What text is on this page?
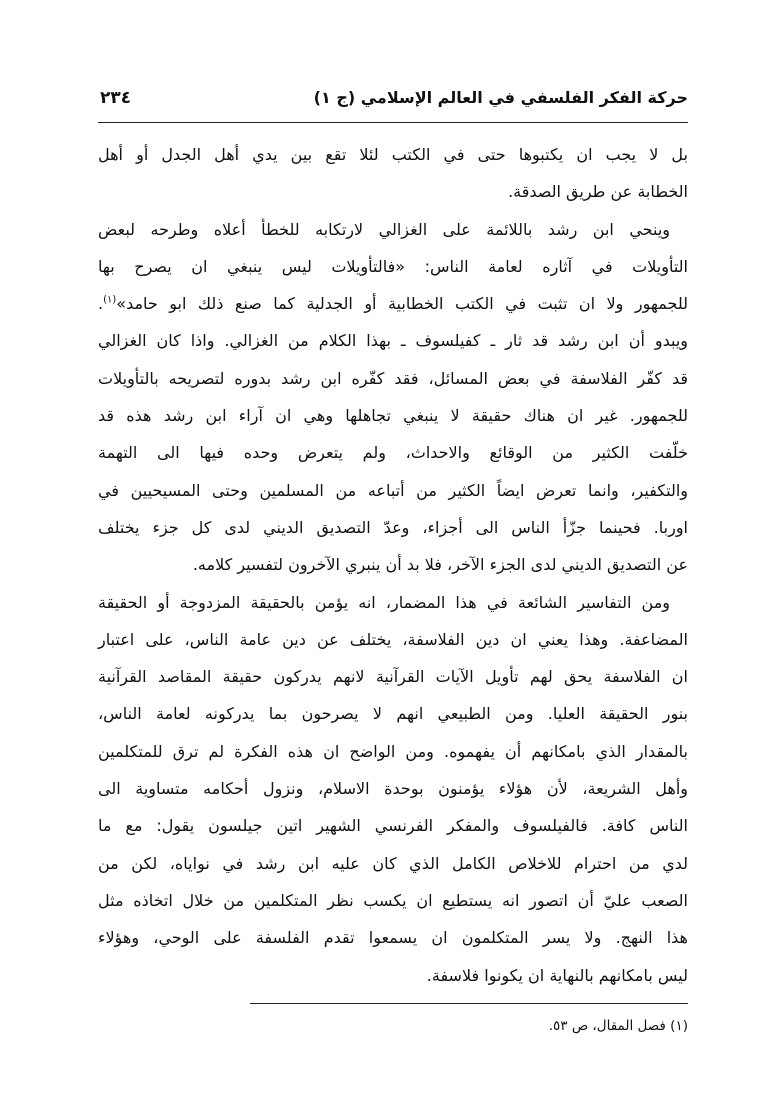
٢٣٤	حركة الفكر الفلسفي في العالم الإسلامي (ج ١)
بل لا يجب ان يكتبوها حتى في الكتب لئلا تقع بين يدي أهل الجدل أو أهل
الخطابة عن طريق الصدقة.
وينحي ابن رشد باللائمة على الغزالي لارتكابه للخطأ أعلاه وطرحه لبعض
التأويلات في آثاره لعامة الناس: «فالتأويلات ليس ينبغي ان يصرح بها
للجمهور ولا ان تثبت في الكتب الخطابية أو الجدلية كما صنع ذلك ابو حامد»$^{(١)}$.
ويبدو أن ابن رشد قد ثار ـ كفيلسوف ـ بهذا الكلام من الغزالي. واذا كان الغزالي
قد كفّر الفلاسفة في بعض المسائل، فقد كفّره ابن رشد بدوره لتصريحه بالتأويلات
للجمهور. غير ان هناك حقيقة لا ينبغي تجاهلها وهي ان آراء ابن رشد هذه قد
خلّفت الكثير من الوقائع والاحداث، ولم يتعرض وحده فيها الى التهمة
والتكفير، وانما تعرض ايضاً الكثير من أتباعه من المسلمين وحتى المسيحيين في
اوربا. فحينما جزّأ الناس الى أجزاء، وعدّ التصديق الديني لدى كل جزء يختلف
عن التصديق الديني لدى الجزء الآخر، فلا بد أن ينبري الآخرون لتفسير كلامه.
ومن التفاسير الشائعة في هذا المضمار، انه يؤمن بالحقيقة المزدوجة أو الحقيقة
المضاعفة. وهذا يعني ان دين الفلاسفة، يختلف عن دين عامة الناس، على اعتبار
ان الفلاسفة يحق لهم تأويل الآيات القرآنية لانهم يدركون حقيقة المقاصد القرآنية
بنور الحقيقة العليا. ومن الطبيعي انهم لا يصرحون بما يدركونه لعامة الناس،
بالمقدار الذي بامكانهم أن يفهموه. ومن الواضح ان هذه الفكرة لم ترق للمتكلمين
وأهل الشريعة، لأن هؤلاء يؤمنون بوحدة الاسلام، ونزول أحكامه متساوية الى
الناس كافة. فالفيلسوف والمفكر الفرنسي الشهير اتين جيلسون يقول: مع ما
لدي من احترام للاخلاص الكامل الذي كان عليه ابن رشد في نواياه، لكن من
الصعب عليّ أن اتصور انه يستطيع ان يكسب نظر المتكلمين من خلال اتخاذه مثل
هذا النهج. ولا يسر المتكلمون ان يسمعوا تقدم الفلسفة على الوحي، وهؤلاء
ليس بامكانهم بالنهاية ان يكونوا فلاسفة.
(١) فصل المقال، ص ٥٣.
